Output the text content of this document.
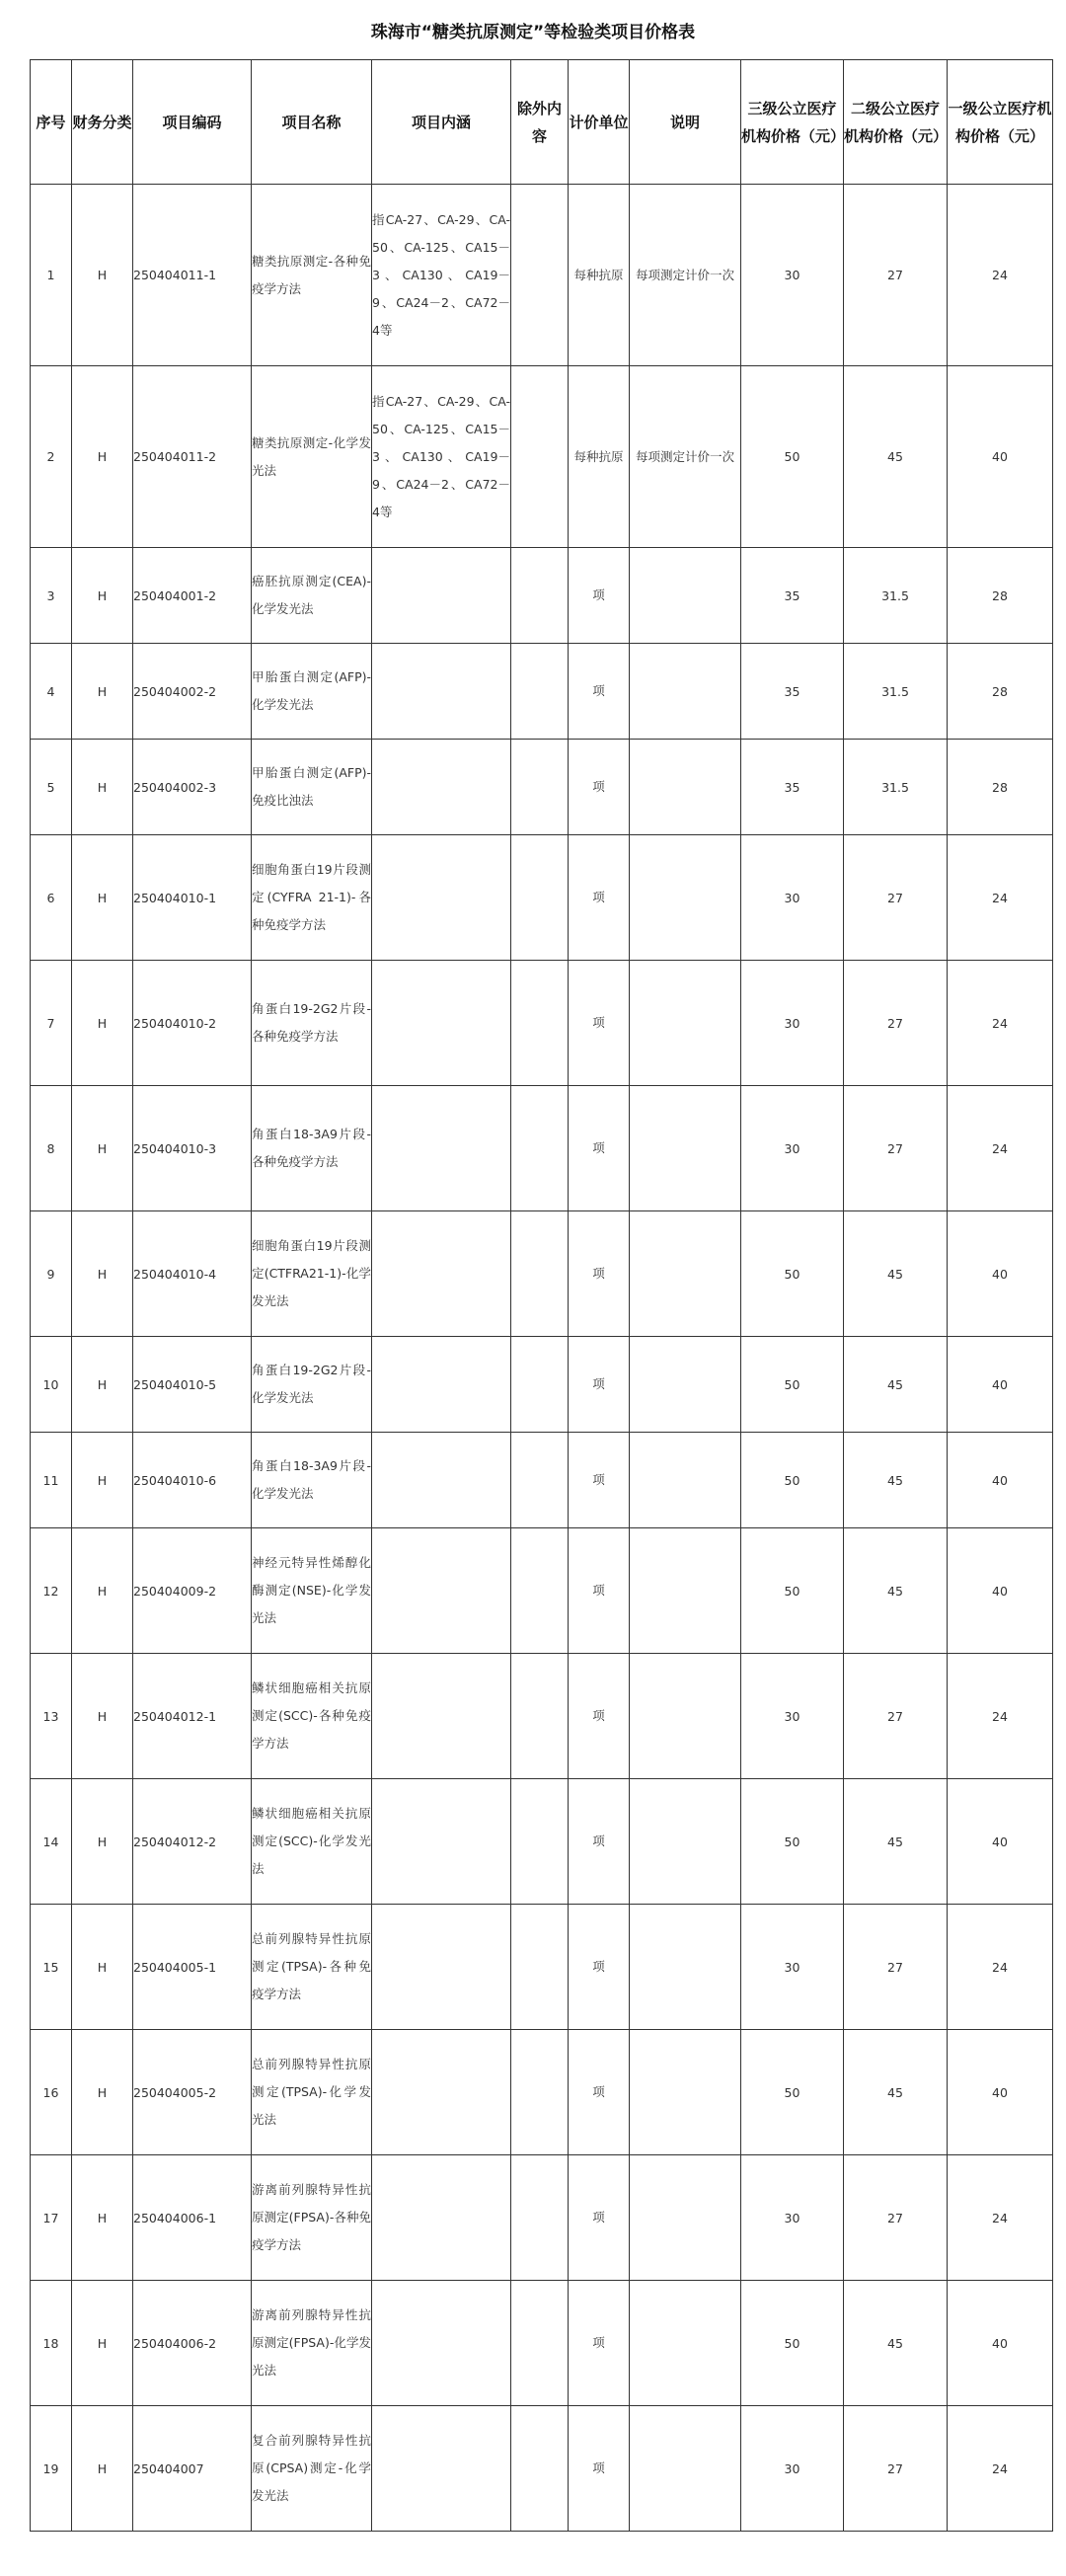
珠海市“糖类抗原测定”等检验类项目价格表
序号	财务分类	项目编码	项目名称	项目内涵	除外内容	计价单位	说明	三级公立医疗机构价格（元）	二级公立医疗机构价格（元）	一级公立医疗机构价格（元）
1	H	250404011-1	糖类抗原测定-各种免疫学方法	指CA-27、CA-29、CA-50、CA-125、CA15－3、CA130、CA19－9、CA24－2、CA72－4等		每种抗原	每项测定计价一次	30	27	24
2	H	250404011-2	糖类抗原测定-化学发光法	指CA-27、CA-29、CA-50、CA-125、CA15－3、CA130、CA19－9、CA24－2、CA72－4等		每种抗原	每项测定计价一次	50	45	40
3	H	250404001-2	癌胚抗原测定(CEA)-化学发光法			项		35	31.5	28
4	H	250404002-2	甲胎蛋白测定(AFP)-化学发光法			项		35	31.5	28
5	H	250404002-3	甲胎蛋白测定(AFP)-免疫比浊法			项		35	31.5	28
6	H	250404010-1	细胞角蛋白19片段测定(CYFRA 21-1)-各种免疫学方法			项		30	27	24
7	H	250404010-2	角蛋白19-2G2片段-各种免疫学方法			项		30	27	24
8	H	250404010-3	角蛋白18-3A9片段-各种免疫学方法			项		30	27	24
9	H	250404010-4	细胞角蛋白19片段测定(CTFRA21-1)-化学发光法			项		50	45	40
10	H	250404010-5	角蛋白19-2G2片段-化学发光法			项		50	45	40
11	H	250404010-6	角蛋白18-3A9片段-化学发光法			项		50	45	40
12	H	250404009-2	神经元特异性烯醇化酶测定(NSE)-化学发光法			项		50	45	40
13	H	250404012-1	鳞状细胞癌相关抗原测定(SCC)-各种免疫学方法			项		30	27	24
14	H	250404012-2	鳞状细胞癌相关抗原测定(SCC)-化学发光法			项		50	45	40
15	H	250404005-1	总前列腺特异性抗原测定(TPSA)-各种免疫学方法			项		30	27	24
16	H	250404005-2	总前列腺特异性抗原测定(TPSA)-化学发光法			项		50	45	40
17	H	250404006-1	游离前列腺特异性抗原测定(FPSA)-各种免疫学方法			项		30	27	24
18	H	250404006-2	游离前列腺特异性抗原测定(FPSA)-化学发光法			项		50	45	40
19	H	250404007	复合前列腺特异性抗原(CPSA)测定-化学发光法			项		30	27	24
